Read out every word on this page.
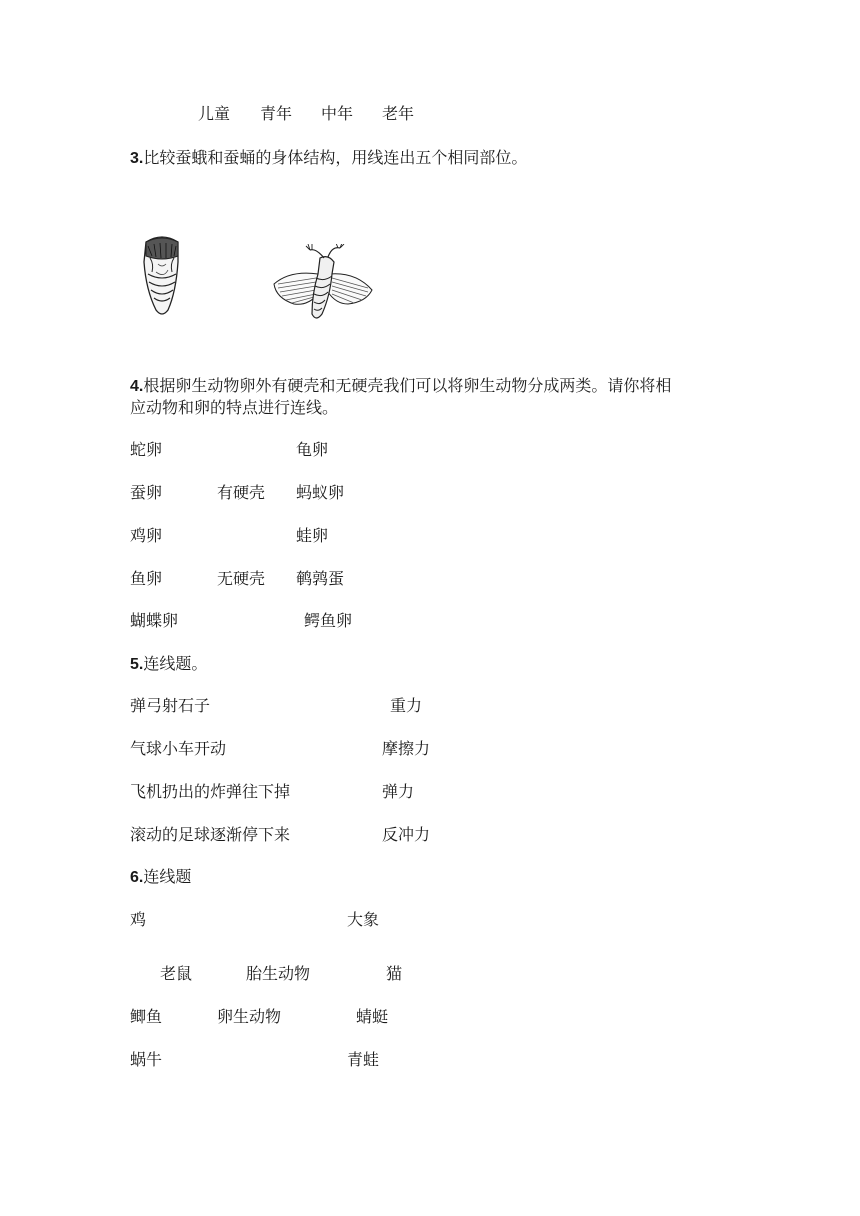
儿童 青年 中年 老年
3.比较蚕蛾和蚕蛹的身体结构，用线连出五个相同部位。
4.根据卵生动物卵外有硬壳和无硬壳我们可以将卵生动物分成两类。请你将相
应动物和卵的特点进行连线。
蛇卵
蚕卵
鸡卵
鱼卵
蝴蝶卵
有硬壳
无硬壳
龟卵
蚂蚁卵
蛙卵
鹌鹑蛋
鳄鱼卵
5.连线题。
弹弓射石子
气球小车开动
飞机扔出的炸弹往下掉
滚动的足球逐渐停下来
重力
摩擦力
弹力
反冲力
6.连线题
鸡
老鼠
鲫鱼
蜗牛
胎生动物
卵生动物
大象
猫
蜻蜓
青蛙
